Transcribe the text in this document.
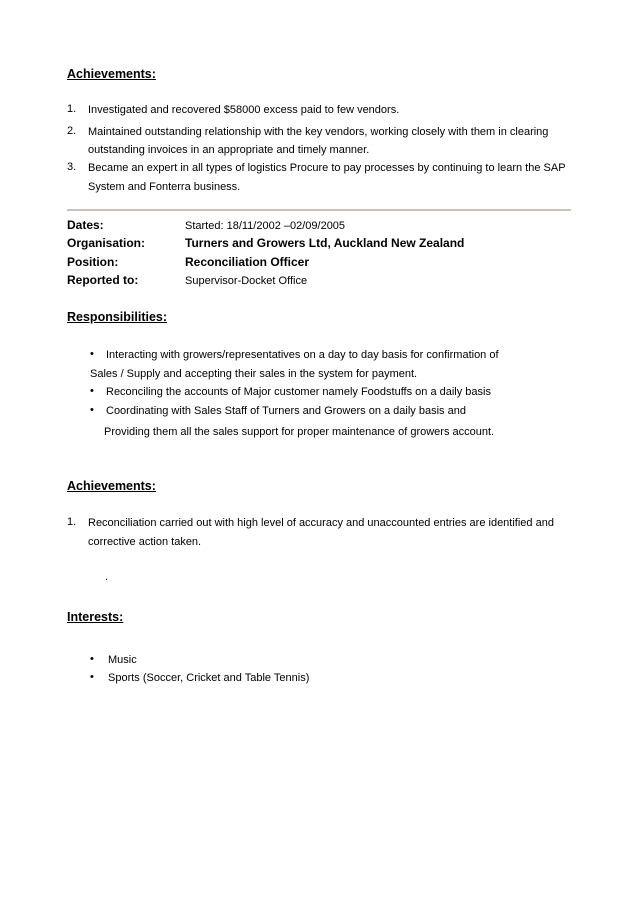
Achievements:
1. Investigated and recovered $58000 excess paid to few vendors.
2. Maintained outstanding relationship with the key vendors, working closely with them in clearing
outstanding invoices in an appropriate and timely manner.
3. Became an expert in all types of logistics Procure to pay processes by continuing to learn the SAP
System and Fonterra business.
Dates:	Started: 18/11/2002 –02/09/2005
Organisation:	Turners and Growers Ltd, Auckland New Zealand
Position:	Reconciliation Officer
Reported to:	Supervisor-Docket Office
Responsibilities:
• Interacting with growers/representatives on a day to day basis for confirmation of
Sales / Supply and accepting their sales in the system for payment.
• Reconciling the accounts of Major customer namely Foodstuffs on a daily basis
• Coordinating with Sales Staff of Turners and Growers on a daily basis and
Providing them all the sales support for proper maintenance of growers account.
Achievements:
1. Reconciliation carried out with high level of accuracy and unaccounted entries are identified and
corrective action taken.
.
Interests:
• Music
• Sports (Soccer, Cricket and Table Tennis)
